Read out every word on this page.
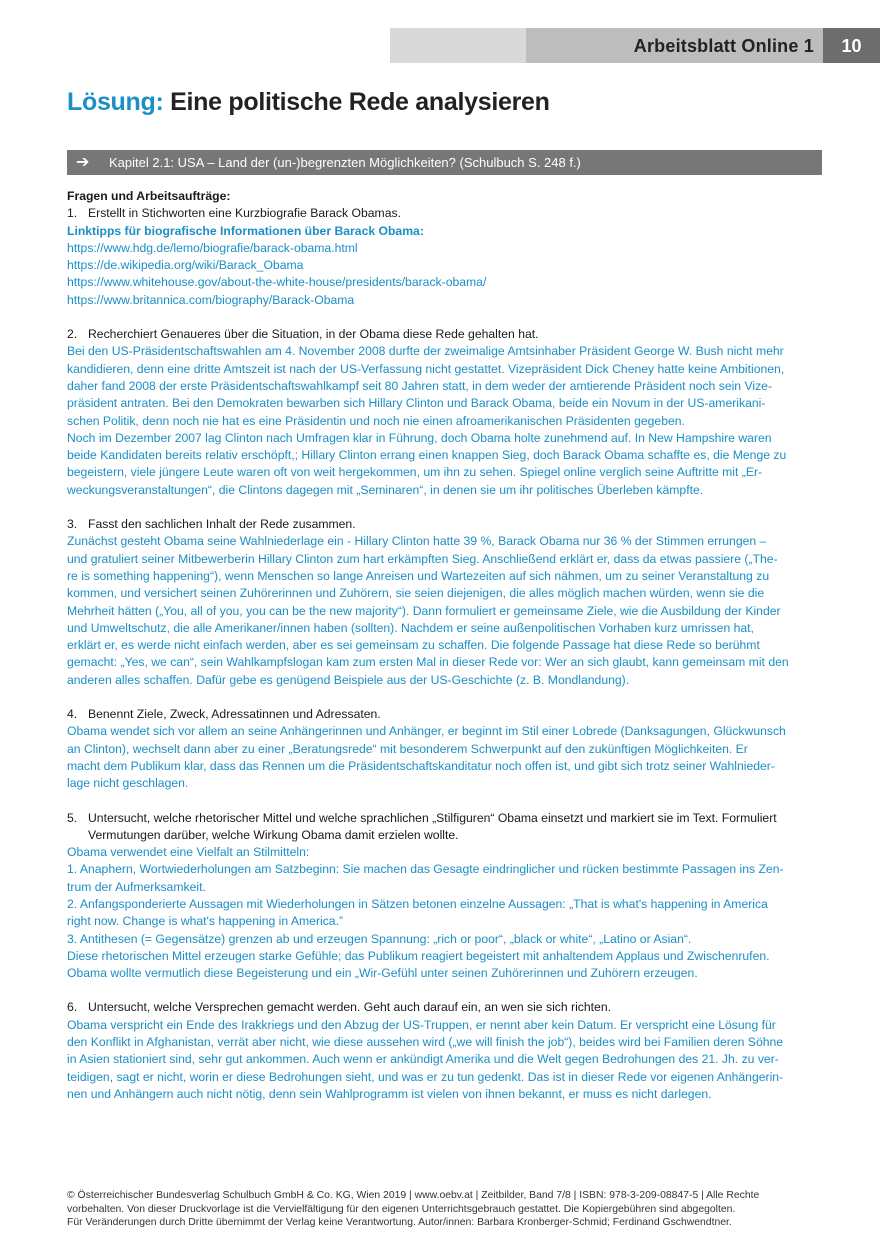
Arbeitsblatt Online 1	10
Lösung: Eine politische Rede analysieren
➔ Kapitel 2.1: USA – Land der (un-)begrenzten Möglichkeiten? (Schulbuch S. 248 f.)

Fragen und Arbeitsaufträge:

1. Erstellt in Stichworten eine Kurzbiografie Barack Obamas.

Linktipps für biografische Informationen über Barack Obama:

https://www.hdg.de/lemo/biografie/barack-obama.html

https://de.wikipedia.org/wiki/Barack_Obama

https://www.whitehouse.gov/about-the-white-house/presidents/barack-obama/

https://www.britannica.com/biography/Barack-Obama

2. Recherchiert Genaueres über die Situation, in der Obama diese Rede gehalten hat.

Bei den US-Präsidentschaftswahlen am 4. November 2008 durfte der zweimalige Amtsinhaber Präsident George W. Bush nicht mehr

kandidieren, denn eine dritte Amtszeit ist nach der US-Verfassung nicht gestattet. Vizepräsident Dick Cheney hatte keine Ambitionen,

daher fand 2008 der erste Präsidentschaftswahlkampf seit 80 Jahren statt, in dem weder der amtierende Präsident noch sein Vize-

präsident antraten. Bei den Demokraten bewarben sich Hillary Clinton und Barack Obama, beide ein Novum in der US-amerikani-

schen Politik, denn noch nie hat es eine Präsidentin und noch nie einen afroamerikanischen Präsidenten gegeben.

Noch im Dezember 2007 lag Clinton nach Umfragen klar in Führung, doch Obama holte zunehmend auf. In New Hampshire waren

beide Kandidaten bereits relativ erschöpft,; Hillary Clinton errang einen knappen Sieg, doch Barack Obama schaffte es, die Menge zu

begeistern, viele jüngere Leute waren oft von weit hergekommen, um ihn zu sehen. Spiegel online verglich seine Auftritte mit „Er-

weckungsveranstaltungen“, die Clintons dagegen mit „Seminaren“, in denen sie um ihr politisches Überleben kämpfte.

3. Fasst den sachlichen Inhalt der Rede zusammen.

Zunächst gesteht Obama seine Wahlniederlage ein - Hillary Clinton hatte 39 %, Barack Obama nur 36 % der Stimmen errungen –

und gratuliert seiner Mitbewerberin Hillary Clinton zum hart erkämpften Sieg. Anschließend erklärt er, dass da etwas passiere („The-

re is something happening“), wenn Menschen so lange Anreisen und Wartezeiten auf sich nähmen, um zu seiner Veranstaltung zu

kommen, und versichert seinen Zuhörerinnen und Zuhörern, sie seien diejenigen, die alles möglich machen würden, wenn sie die

Mehrheit hätten („You, all of you, you can be the new majority“). Dann formuliert er gemeinsame Ziele, wie die Ausbildung der Kinder

und Umweltschutz, die alle Amerikaner/innen haben (sollten). Nachdem er seine außenpolitischen Vorhaben kurz umrissen hat,

erklärt er, es werde nicht einfach werden, aber es sei gemeinsam zu schaffen. Die folgende Passage hat diese Rede so berühmt

gemacht: „Yes, we can“, sein Wahlkampfslogan kam zum ersten Mal in dieser Rede vor: Wer an sich glaubt, kann gemeinsam mit den

anderen alles schaffen. Dafür gebe es genügend Beispiele aus der US-Geschichte (z. B. Mondlandung).

4. Benennt Ziele, Zweck, Adressatinnen und Adressaten.

Obama wendet sich vor allem an seine Anhängerinnen und Anhänger, er beginnt im Stil einer Lobrede (Danksagungen, Glückwunsch

an Clinton), wechselt dann aber zu einer „Beratungsrede“ mit besonderem Schwerpunkt auf den zukünftigen Möglichkeiten. Er

macht dem Publikum klar, dass das Rennen um die Präsidentschaftskanditatur noch offen ist, und gibt sich trotz seiner Wahlnieder-

lage nicht geschlagen.

5. Untersucht, welche rhetorischer Mittel und welche sprachlichen „Stilfiguren“ Obama einsetzt und markiert sie im Text. Formuliert
Vermutungen darüber, welche Wirkung Obama damit erzielen wollte.

Obama verwendet eine Vielfalt an Stilmitteln:

1. Anaphern, Wortwiederholungen am Satzbeginn: Sie machen das Gesagte eindringlicher und rücken bestimmte Passagen ins Zen-

trum der Aufmerksamkeit.

2. Anfangsponderierte Aussagen mit Wiederholungen in Sätzen betonen einzelne Aussagen: „That is what's happening in America

right now. Change is what's happening in America.”

3. Antithesen (= Gegensätze) grenzen ab und erzeugen Spannung: „rich or poor“, „black or white“, „Latino or Asian“.

Diese rhetorischen Mittel erzeugen starke Gefühle; das Publikum reagiert begeistert mit anhaltendem Applaus und Zwischenrufen.

Obama wollte vermutlich diese Begeisterung und ein „Wir-Gefühl unter seinen Zuhörerinnen und Zuhörern erzeugen.

6. Untersucht, welche Versprechen gemacht werden. Geht auch darauf ein, an wen sie sich richten.

Obama verspricht ein Ende des Irakkriegs und den Abzug der US-Truppen, er nennt aber kein Datum. Er verspricht eine Lösung für

den Konflikt in Afghanistan, verrät aber nicht, wie diese aussehen wird („we will finish the job“), beides wird bei Familien deren Söhne

in Asien stationiert sind, sehr gut ankommen. Auch wenn er ankündigt Amerika und die Welt gegen Bedrohungen des 21. Jh. zu ver-

teidigen, sagt er nicht, worin er diese Bedrohungen sieht, und was er zu tun gedenkt. Das ist in dieser Rede vor eigenen Anhängerin-

nen und Anhängern auch nicht nötig, denn sein Wahlprogramm ist vielen von ihnen bekannt, er muss es nicht darlegen.

© Österreichischer Bundesverlag Schulbuch GmbH & Co. KG, Wien 2019 | www.oebv.at | Zeitbilder, Band 7/8 | ISBN: 978-3-209-08847-5 | Alle Rechte

vorbehalten. Von dieser Druckvorlage ist die Vervielfältigung für den eigenen Unterrichtsgebrauch gestattet. Die Kopiergebühren sind abgegolten.

Für Veränderungen durch Dritte übernimmt der Verlag keine Verantwortung. Autor/innen: Barbara Kronberger-Schmid; Ferdinand Gschwendtner.
